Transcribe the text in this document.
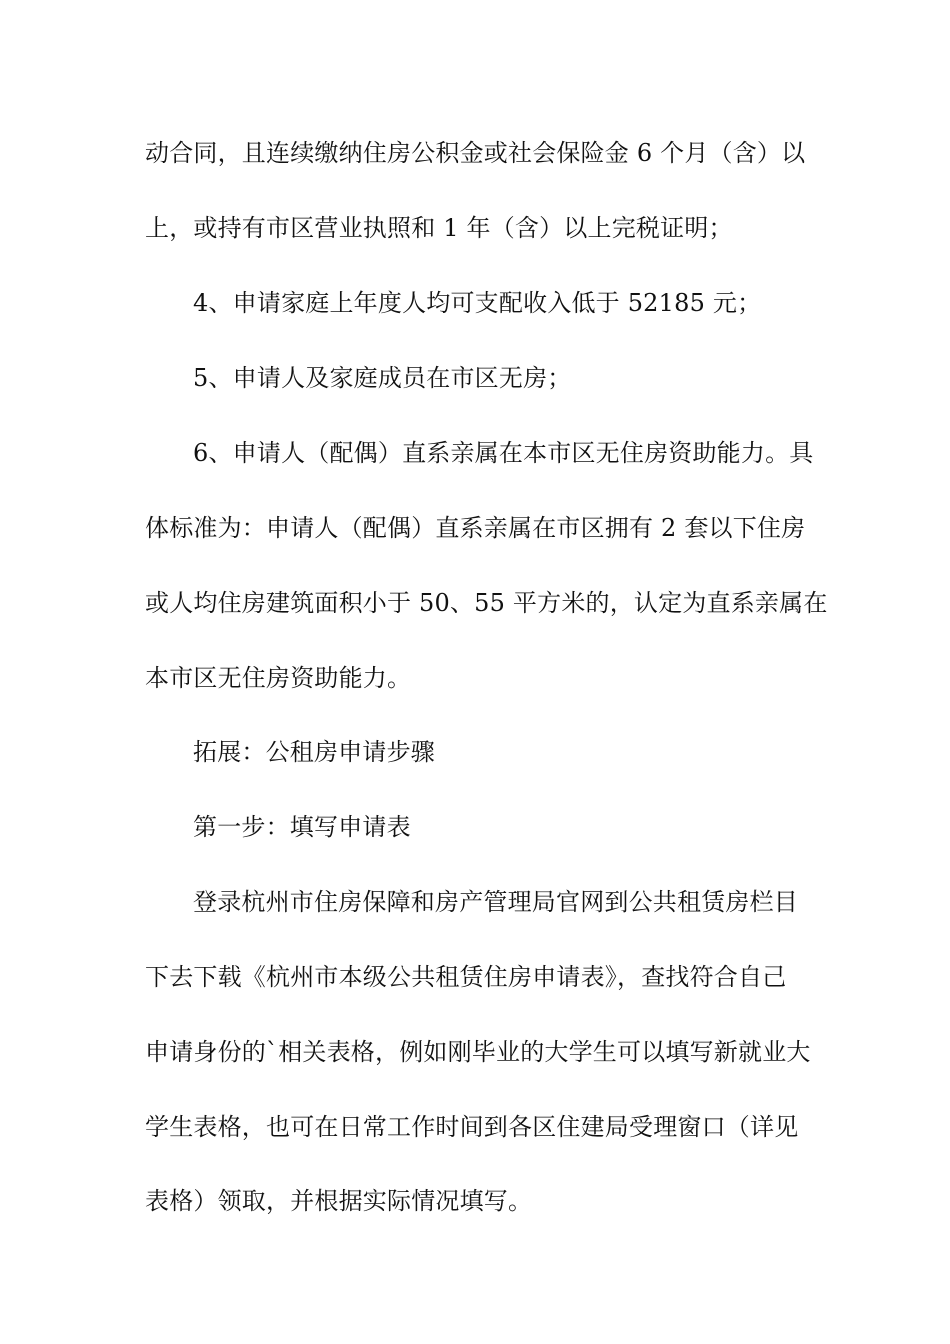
动合同，且连续缴纳住房公积金或社会保险金 6 个月（含）以
上，或持有市区营业执照和 1 年（含）以上完税证明；
4、申请家庭上年度人均可支配收入低于 52185 元；
5、申请人及家庭成员在市区无房；
6、申请人（配偶）直系亲属在本市区无住房资助能力。具
体标准为：申请人（配偶）直系亲属在市区拥有 2 套以下住房
或人均住房建筑面积小于 50、55 平方米的，认定为直系亲属在
本市区无住房资助能力。
拓展：公租房申请步骤
第一步：填写申请表
登录杭州市住房保障和房产管理局官网到公共租赁房栏目
下去下载《杭州市本级公共租赁住房申请表》，查找符合自己
申请身份的`相关表格，例如刚毕业的大学生可以填写新就业大
学生表格，也可在日常工作时间到各区住建局受理窗口（详见
表格）领取，并根据实际情况填写。
